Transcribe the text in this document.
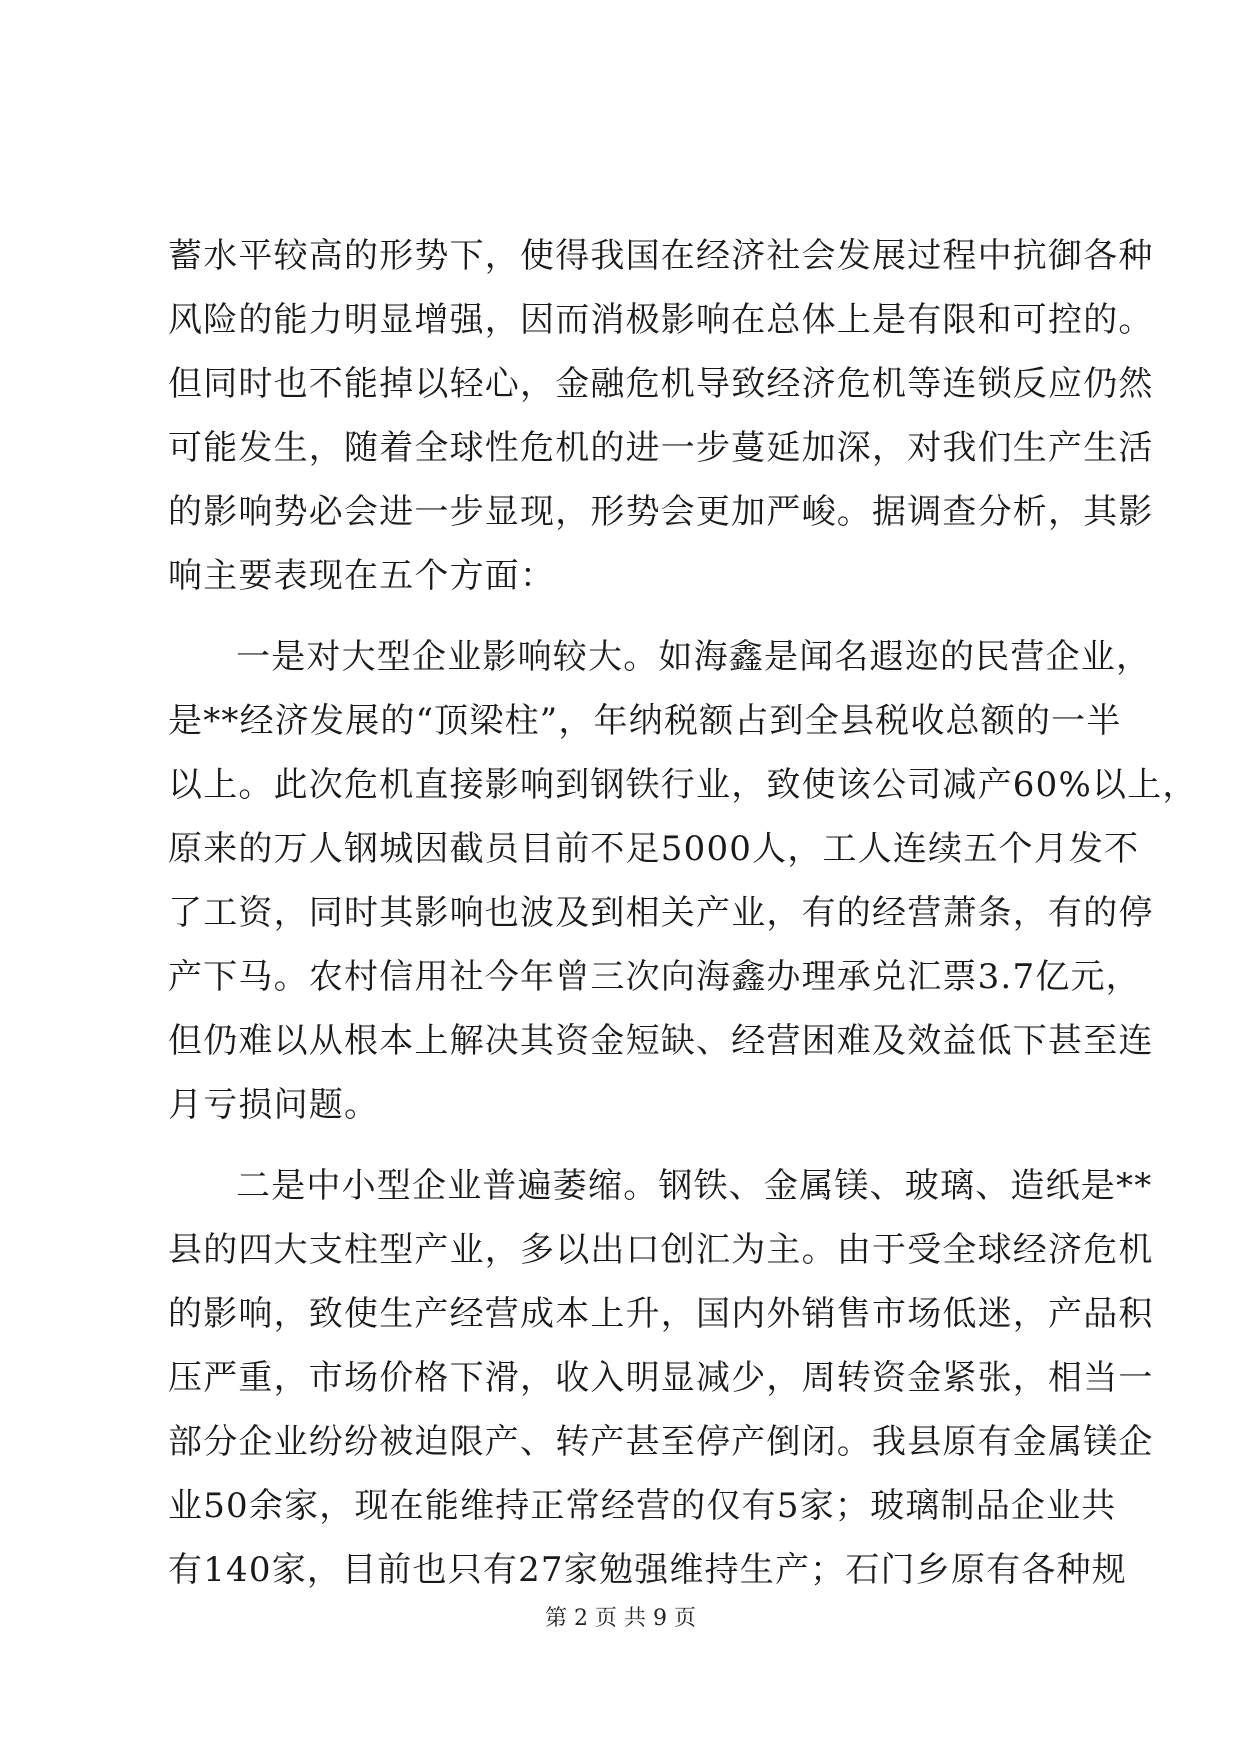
蓄水平较高的形势下，使得我国在经济社会发展过程中抗御各种
风险的能力明显增强，因而消极影响在总体上是有限和可控的。
但同时也不能掉以轻心，金融危机导致经济危机等连锁反应仍然
可能发生，随着全球性危机的进一步蔓延加深，对我们生产生活
的影响势必会进一步显现，形势会更加严峻。据调查分析，其影
响主要表现在五个方面：
一是对大型企业影响较大。如海鑫是闻名遐迩的民营企业，
是**经济发展的“顶梁柱”，年纳税额占到全县税收总额的一半
以上。此次危机直接影响到钢铁行业，致使该公司减产60%以上，
原来的万人钢城因截员目前不足5000人，工人连续五个月发不
了工资，同时其影响也波及到相关产业，有的经营萧条，有的停
产下马。农村信用社今年曾三次向海鑫办理承兑汇票3.7亿元，
但仍难以从根本上解决其资金短缺、经营困难及效益低下甚至连
月亏损问题。
二是中小型企业普遍萎缩。钢铁、金属镁、玻璃、造纸是**
县的四大支柱型产业，多以出口创汇为主。由于受全球经济危机
的影响，致使生产经营成本上升，国内外销售市场低迷，产品积
压严重，市场价格下滑，收入明显减少，周转资金紧张，相当一
部分企业纷纷被迫限产、转产甚至停产倒闭。我县原有金属镁企
业50余家，现在能维持正常经营的仅有5家；玻璃制品企业共
有140家，目前也只有27家勉强维持生产；石门乡原有各种规
第 2 页 共 9 页
